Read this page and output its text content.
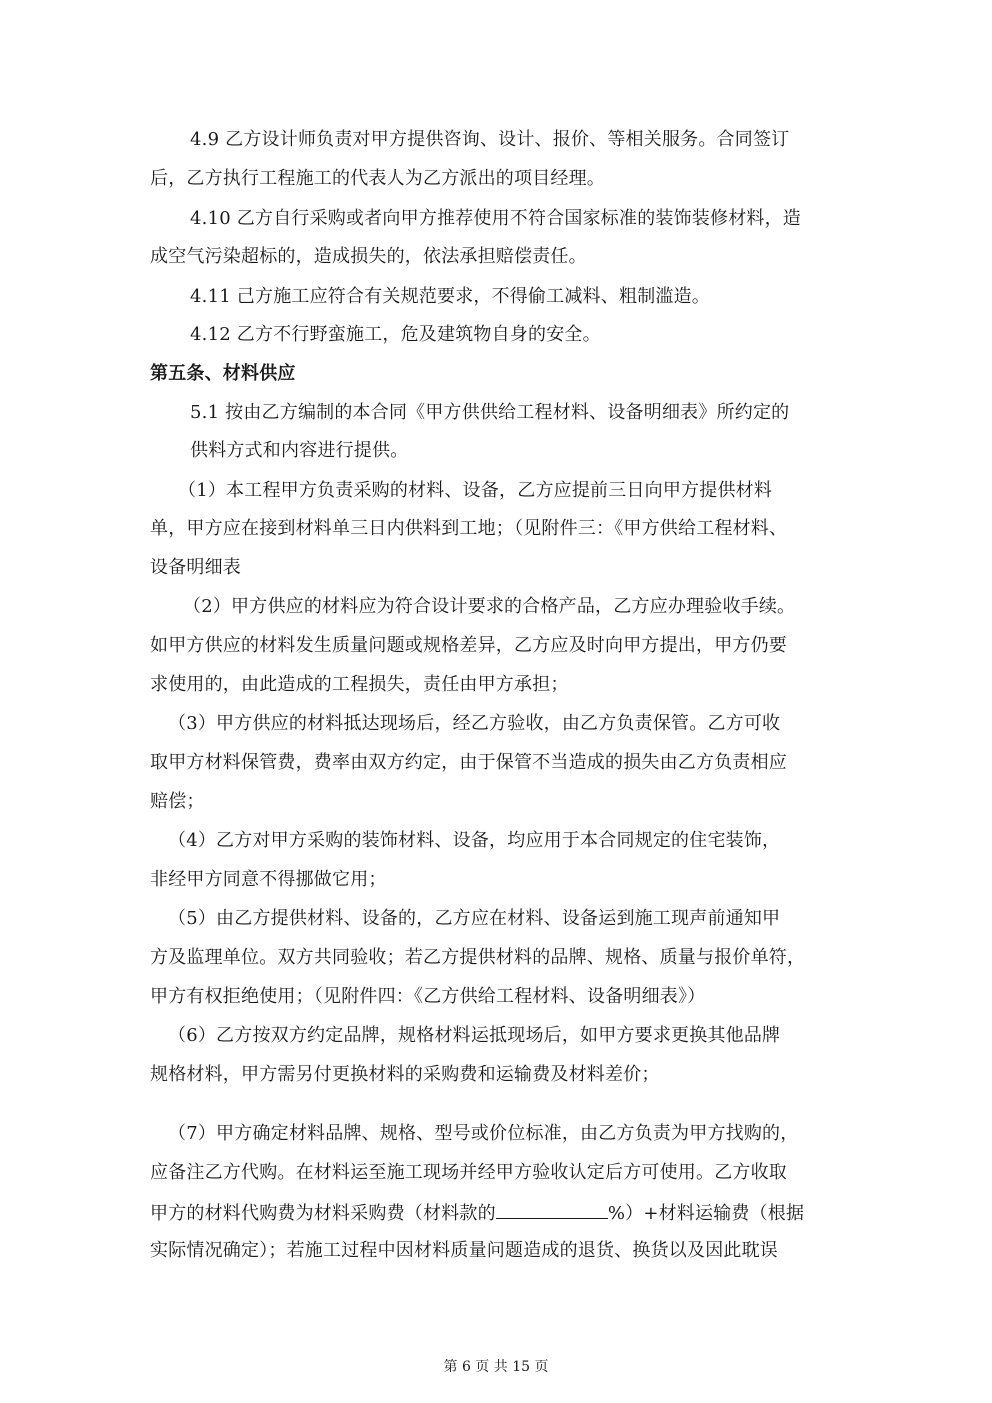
4.9 乙方设计师负责对甲方提供咨询、设计、报价、等相关服务。合同签订
后，乙方执行工程施工的代表人为乙方派出的项目经理。
4.10 乙方自行采购或者向甲方推荐使用不符合国家标准的装饰装修材料，造
成空气污染超标的，造成损失的，依法承担赔偿责任。
4.11 己方施工应符合有关规范要求，不得偷工减料、粗制滥造。
4.12 乙方不行野蛮施工，危及建筑物自身的安全。
第五条、材料供应
5.1 按由乙方编制的本合同《甲方供供给工程材料、设备明细表》所约定的
供料方式和内容进行提供。
（1）本工程甲方负责采购的材料、设备，乙方应提前三日向甲方提供材料
单，甲方应在接到材料单三日内供料到工地；（见附件三：《甲方供给工程材料、
设备明细表
（2）甲方供应的材料应为符合设计要求的合格产品，乙方应办理验收手续。
如甲方供应的材料发生质量问题或规格差异，乙方应及时向甲方提出，甲方仍要
求使用的，由此造成的工程损失，责任由甲方承担；
（3）甲方供应的材料抵达现场后，经乙方验收，由乙方负责保管。乙方可收
取甲方材料保管费，费率由双方约定，由于保管不当造成的损失由乙方负责相应
赔偿；
（4）乙方对甲方采购的装饰材料、设备，均应用于本合同规定的住宅装饰，
非经甲方同意不得挪做它用；
（5）由乙方提供材料、设备的，乙方应在材料、设备运到施工现声前通知甲
方及监理单位。双方共同验收；若乙方提供材料的品牌、规格、质量与报价单符，
甲方有权拒绝使用；（见附件四：《乙方供给工程材料、设备明细表》）
（6）乙方按双方约定品牌，规格材料运抵现场后，如甲方要求更换其他品牌
规格材料，甲方需另付更换材料的采购费和运输费及材料差价；
（7）甲方确定材料品牌、规格、型号或价位标准，由乙方负责为甲方找购的，
应备注乙方代购。在材料运至施工现场并经甲方验收认定后方可使用。乙方收取
甲方的材料代购费为材料采购费（材料款的	%）+材料运输费（根据
实际情况确定）；若施工过程中因材料质量问题造成的退货、换货以及因此耽误
第 6 页 共 15 页
